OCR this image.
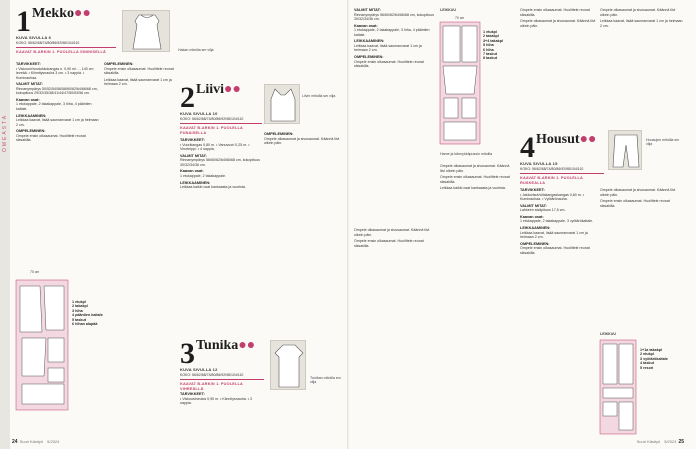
OMEASTA
1 Mekko●●
KUVA SIVULLA 6
KOKO: 56/62/68/74/80/86/92/98/104/110
KAAVAT B-ARKIN 1. PUOLELLA SININISELLÄ	Hakan mitoilla sm vilja

TARVIKKEET:
• Viskooni/ruudukkokangas n. 0,90 m/…, 140 cm leveää. • Kiinnitysnauha 3 cm. • 3 nappia. • Kuminauhaa.

VALMIT MITAT:
Rinnanympärys 50/52/54/56/58/60/62/64/66/68 cm, kokopituus 29/32/35/38/41/44/47/50/53/56 cm.

Kaavan osat:
1 etukappale, 2 takakappale, 3 hiha, 4 pääntien kaitale.

LEIKKAAMINEN:
Leikkaa kaavat, lisää saumanvarat 1 cm ja helmaan 2 cm.

OMPELEMINEN:
Ompele ensin olkasaumat. Huolittele reunat siksakilla.

70 cm
1 etukpl
2 takakpl
3 hiha
4 pääntien kaitale
5 taskut
6 hihan alapää

OMPELEMINEN:
Ompele ensin olkasaumat. Huolittele reunat siksakilla.

Leikkaa kaavat, lisää saumanvarat 1 cm ja helmaan 2 cm.	2 Liivi●●
KUVA SIVULLA 10
KOKO: 56/62/68/74/80/86/92/98/104/110
KAAVAT B-ARKIN 1. PUOLELLA PUNAISELLA
Liivin mitoilla sm vilja

TARVIKKEET:
• Vuorikangas 0,80 m. • Vanuvuori 0,25 m. • Vinoteippi. • 4 nappia.

VALMIT MITAT:
Rinnanympärys 56/60/62/64/66/68 cm, kokopituus 30/32/34/36 cm.

Kaavan osat:
1 etukappale, 2 takakappale.

LEIKKAAMINEN:
Leikkaa kaikki osat kankaasta ja vuorista.

OMPELEMINEN:
Ompele olkasaumat ja sivusaumat. Käännä liivi oikein päin.

3 Tunika●●
KUVA SIVULLA 12
KOKO: 56/62/68/74/80/86/92/98/104/110
KAAVAT B-ARKIN 1. PUOLELLA VIHREÄLLÄ

TARVIKKEET:
• Viskoosineulos 0,90 m. • Kiinnitysnauha. • 3 nappia.

Tunikan mitoilla sm vilja
24 Suuri Käsityö 5/2024

VALMIT MITAT:
Rinnanympärys 56/60/62/64/66/68 cm, kokopituus 30/32/34/36 cm.

Kaavan osat:
1 etukappale, 2 takakappale, 3 hiha, 4 pääntien kaitale.

LEIKKAAMINEN:
Leikkaa kaavat, lisää saumanvarat 1 cm ja helmaan 2 cm.

OMPELEMINEN:
Ompele ensin olkasaumat. Huolittele reunat siksakilla.

Ompele olkasaumat ja sivusaumat. Käännä liivi oikein päin.

Ompele ensin olkasaumat. Huolittele reunat siksakilla.

LEIKKUU
70 cm
1 etukpl
2 takakpl
3+4 takakpl
5 hiha
6 hiha
7 taskut
8 taskut
Hame ja kännykkäpussin mitoilla

Ompele olkasaumat ja sivusaumat. Käännä liivi oikein päin.

Ompele ensin olkasaumat. Huolittele reunat siksakilla.

Leikkaa kaikki osat kankaasta ja vuorista.

Ompele ensin olkasaumat. Huolittele reunat siksakilla.

Ompele olkasaumat ja sivusaumat. Käännä liivi oikein päin.

Ompele olkasaumat ja sivusaumat. Käännä liivi oikein päin.

Leikkaa kaavat, lisää saumanvarat 1 cm ja helmaan 2 cm.

4 Housut●●
KUVA SIVULLA 15
KOKO: 56/62/68/74/80/86/92/98/104/110
KAAVAT B-ARKIN 1. PUOLELLA RUSKEALLA
Housujen mitoilla sm vilja

TARVIKKEET:
• Jakkorisut/villakangaskangas 0,60 m. • Kuminauhaa. • Vyötärönauha.

VALMIT MITAT:
Lahkeen sisäpituus 17,5 cm.

Kaavan osat:
1 etukappale, 2 takakappale, 3 vyötärökaitale.

LEIKKAAMINEN:
Leikkaa kaavat, lisää saumanvarat 1 cm ja helmaan 2 cm.

OMPELEMINEN:
Ompele ensin olkasaumat. Huolittele reunat siksakilla.

Ompele olkasaumat ja sivusaumat. Käännä liivi oikein päin.

Ompele ensin olkasaumat. Huolittele reunat siksakilla.

LEIKKUU
1+1a takakpl
2 etukpl
3 vyötärökaitale
4 taskut
5 resori
Suuri Käsityö 5/2024 25
